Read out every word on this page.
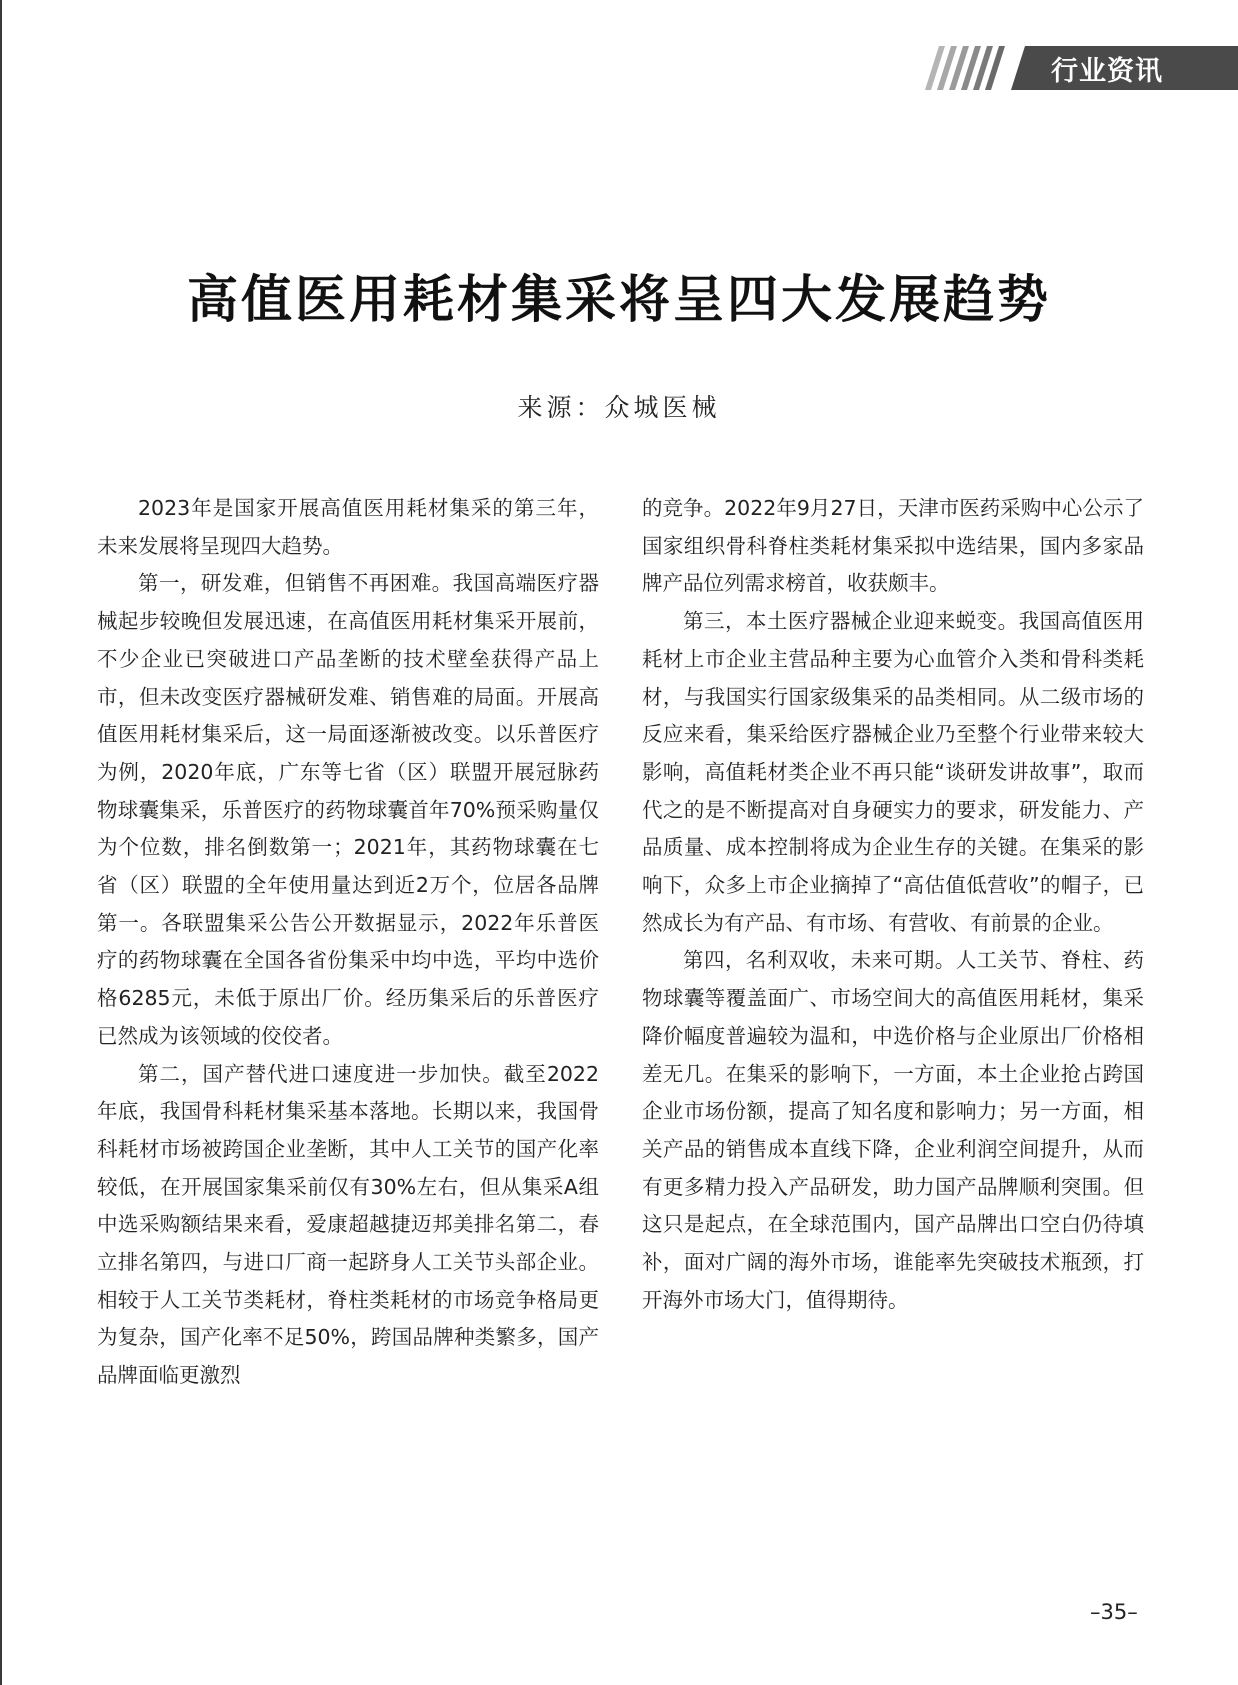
行业资讯
高值医用耗材集采将呈四大发展趋势
来源：众城医械

2023年是国家开展高值医用耗材集采的第三年，未来发展将呈现四大趋势。

第一，研发难，但销售不再困难。我国高端医疗器械起步较晚但发展迅速，在高值医用耗材集采开展前，不少企业已突破进口产品垄断的技术壁垒获得产品上市，但未改变医疗器械研发难、销售难的局面。开展高值医用耗材集采后，这一局面逐渐被改变。以乐普医疗为例，2020年底，广东等七省（区）联盟开展冠脉药物球囊集采，乐普医疗的药物球囊首年70%预采购量仅为个位数，排名倒数第一；2021年，其药物球囊在七省（区）联盟的全年使用量达到近2万个，位居各品牌第一。各联盟集采公告公开数据显示，2022年乐普医疗的药物球囊在全国各省份集采中均中选，平均中选价格6285元，未低于原出厂价。经历集采后的乐普医疗已然成为该领域的佼佼者。

第二，国产替代进口速度进一步加快。截至2022年底，我国骨科耗材集采基本落地。长期以来，我国骨科耗材市场被跨国企业垄断，其中人工关节的国产化率较低，在开展国家集采前仅有30%左右，但从集采A组中选采购额结果来看，爱康超越捷迈邦美排名第二，春立排名第四，与进口厂商一起跻身人工关节头部企业。相较于人工关节类耗材，脊柱类耗材的市场竞争格局更为复杂，国产化率不足50%，跨国品牌种类繁多，国产品牌面临更激烈

的竞争。2022年9月27日，天津市医药采购中心公示了国家组织骨科脊柱类耗材集采拟中选结果，国内多家品牌产品位列需求榜首，收获颇丰。

第三，本土医疗器械企业迎来蜕变。我国高值医用耗材上市企业主营品种主要为心血管介入类和骨科类耗材，与我国实行国家级集采的品类相同。从二级市场的反应来看，集采给医疗器械企业乃至整个行业带来较大影响，高值耗材类企业不再只能“谈研发讲故事”，取而代之的是不断提高对自身硬实力的要求，研发能力、产品质量、成本控制将成为企业生存的关键。在集采的影响下，众多上市企业摘掉了“高估值低营收”的帽子，已然成长为有产品、有市场、有营收、有前景的企业。

第四，名利双收，未来可期。人工关节、脊柱、药物球囊等覆盖面广、市场空间大的高值医用耗材，集采降价幅度普遍较为温和，中选价格与企业原出厂价格相差无几。在集采的影响下，一方面，本土企业抢占跨国企业市场份额，提高了知名度和影响力；另一方面，相关产品的销售成本直线下降，企业利润空间提升，从而有更多精力投入产品研发，助力国产品牌顺利突围。但这只是起点，在全球范围内，国产品牌出口空白仍待填补，面对广阔的海外市场，谁能率先突破技术瓶颈，打开海外市场大门，值得期待。

–35–
